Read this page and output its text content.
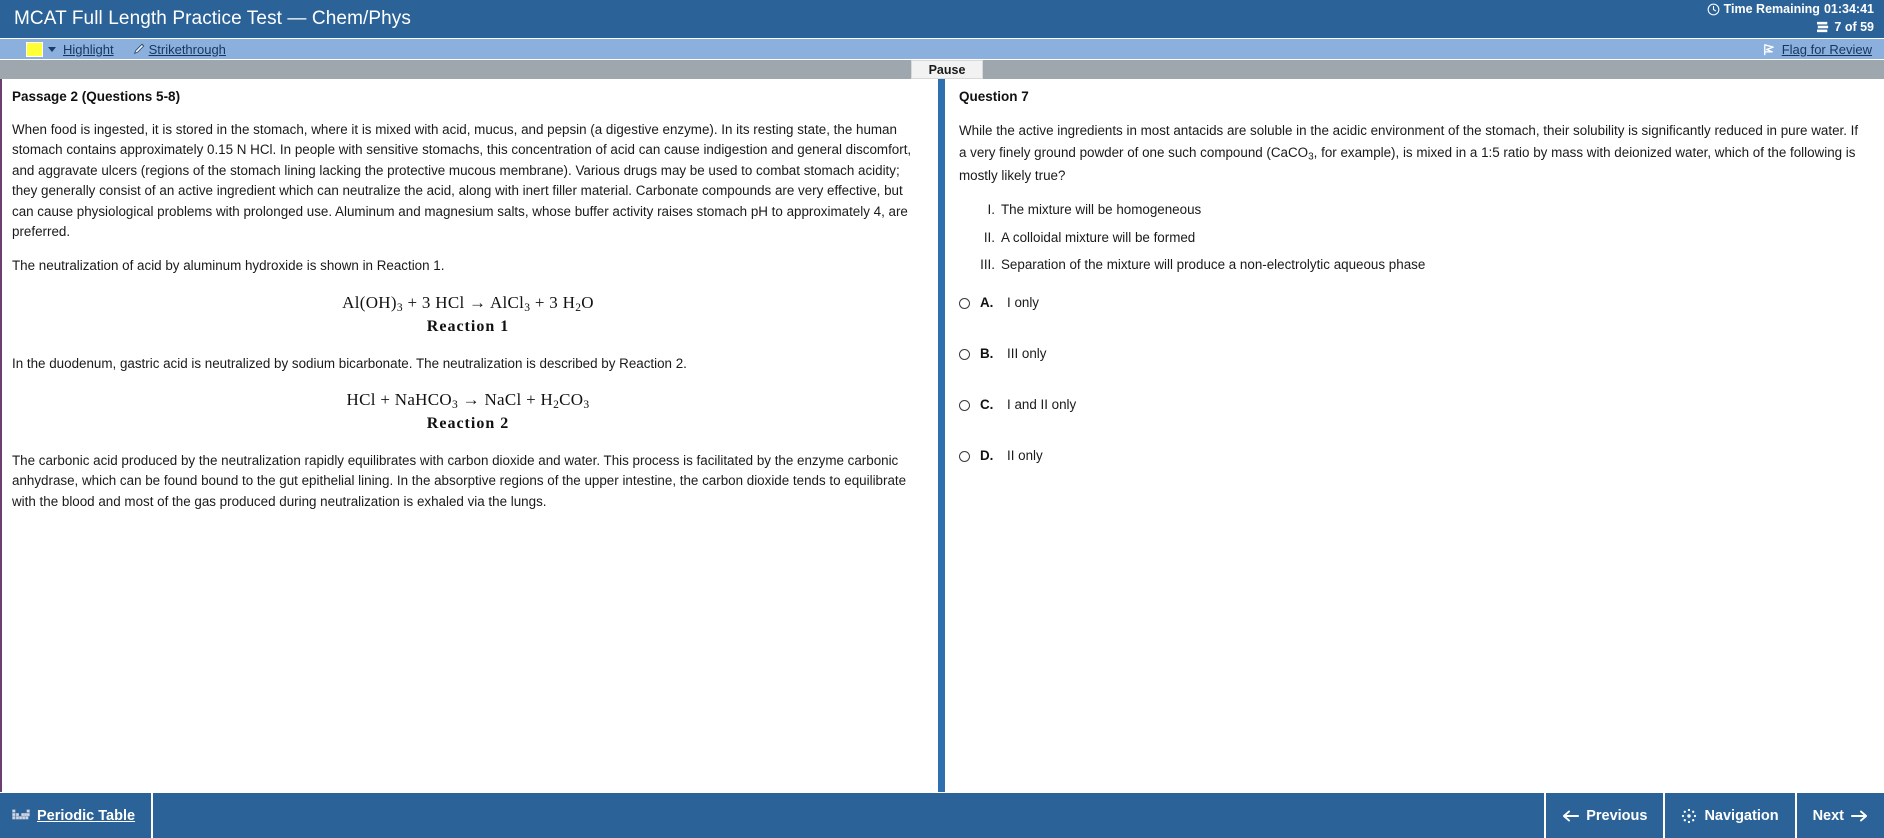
MCAT Full Length Practice Test — Chem/Phys	Time Remaining 01:34:41
7 of 59
Highlight	Strikethrough	Flag for Review
Pause
Passage 2 (Questions 5-8)
When food is ingested, it is stored in the stomach, where it is mixed with acid, mucus, and pepsin (a digestive enzyme). In its resting state, the human stomach contains approximately 0.15 N HCl. In people with sensitive stomachs, this concentration of acid can cause indigestion and general discomfort, and aggravate ulcers (regions of the stomach lining lacking the protective mucous membrane). Various drugs may be used to combat stomach acidity; they generally consist of an active ingredient which can neutralize the acid, along with inert filler material. Carbonate compounds are very effective, but can cause physiological problems with prolonged use. Aluminum and magnesium salts, whose buffer activity raises stomach pH to approximately 4, are preferred.
The neutralization of acid by aluminum hydroxide is shown in Reaction 1.
$Al(OH)_3 + 3$ HCl → AlCl$_3$ + 3 $H_2O$
Reaction 1
In the duodenum, gastric acid is neutralized by sodium bicarbonate. The neutralization is described by Reaction 2.
HCl + NaHCO$_3$ → NaCl + $H_2CO_3$
Reaction 2
The carbonic acid produced by the neutralization rapidly equilibrates with carbon dioxide and water. This process is facilitated by the enzyme carbonic anhydrase, which can be found bound to the gut epithelial lining. In the absorptive regions of the upper intestine, the carbon dioxide tends to equilibrate with the blood and most of the gas produced during neutralization is exhaled via the lungs.
Question 7
While the active ingredients in most antacids are soluble in the acidic environment of the stomach, their solubility is significantly reduced in pure water. If a very finely ground powder of one such compound (CaCO$_3$, for example), is mixed in a 1:5 ratio by mass with deionized water, which of the following is mostly likely true?
I. The mixture will be homogeneous
II. A colloidal mixture will be formed
III. Separation of the mixture will produce a non-electrolytic aqueous phase
A. I only
B. III only
C. I and II only
D. II only
Periodic Table	Previous	Navigation Next
